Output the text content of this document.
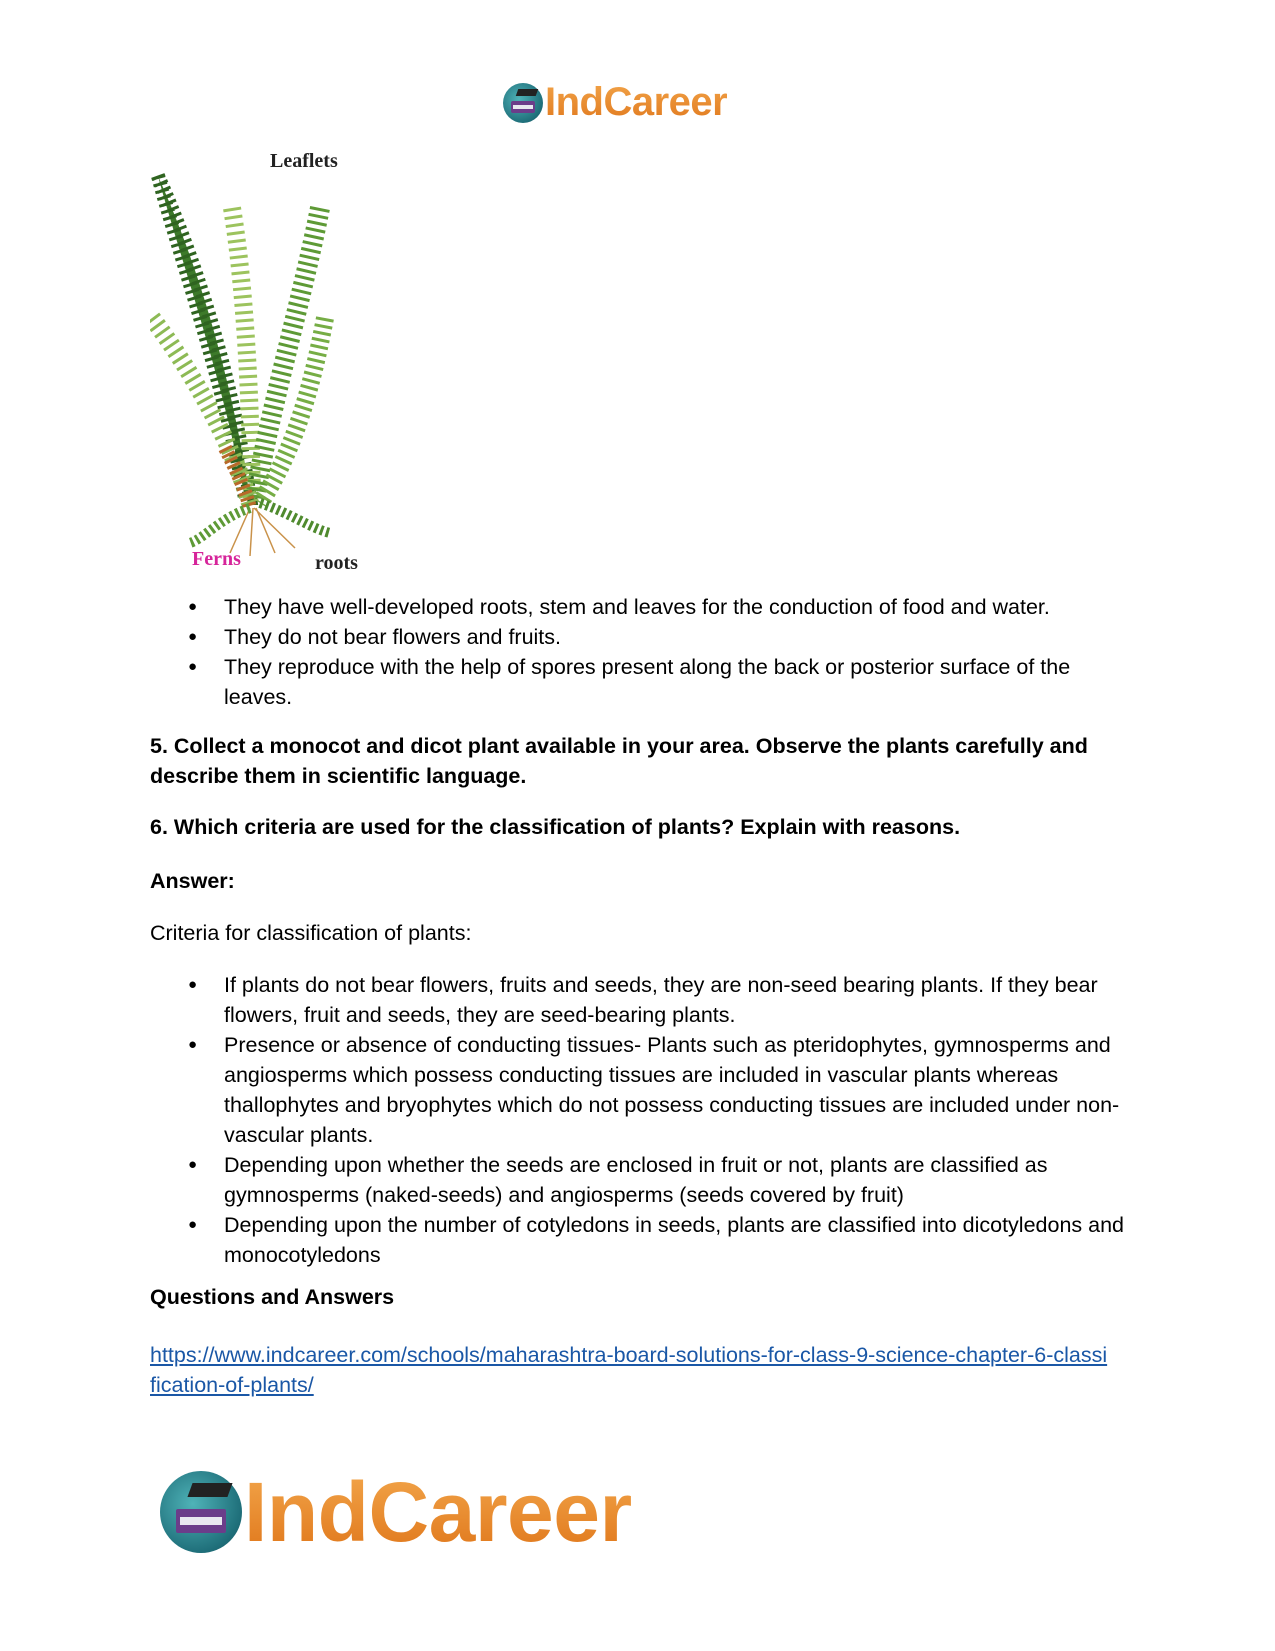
IndCareer
Leaflets
Ferns	roots
● They have well-developed roots, stem and leaves for the conduction of food and water.
● They do not bear flowers and fruits.
● They reproduce with the help of spores present along the back or posterior surface of the leaves.
5. Collect a monocot and dicot plant available in your area. Observe the plants carefully and describe them in scientific language.
6. Which criteria are used for the classification of plants? Explain with reasons.
Answer:
Criteria for classification of plants:
● If plants do not bear flowers, fruits and seeds, they are non-seed bearing plants. If they bear flowers, fruit and seeds, they are seed-bearing plants.
● Presence or absence of conducting tissues- Plants such as pteridophytes, gymnosperms and angiosperms which possess conducting tissues are included in vascular plants whereas thallophytes and bryophytes which do not possess conducting tissues are included under non-vascular plants.
● Depending upon whether the seeds are enclosed in fruit or not, plants are classified as gymnosperms (naked-seeds) and angiosperms (seeds covered by fruit)
● Depending upon the number of cotyledons in seeds, plants are classified into dicotyledons and monocotyledons
Questions and Answers
https://www.indcareer.com/schools/maharashtra-board-solutions-for-class-9-science-chapter-6-classification-of-plants/
IndCareer
